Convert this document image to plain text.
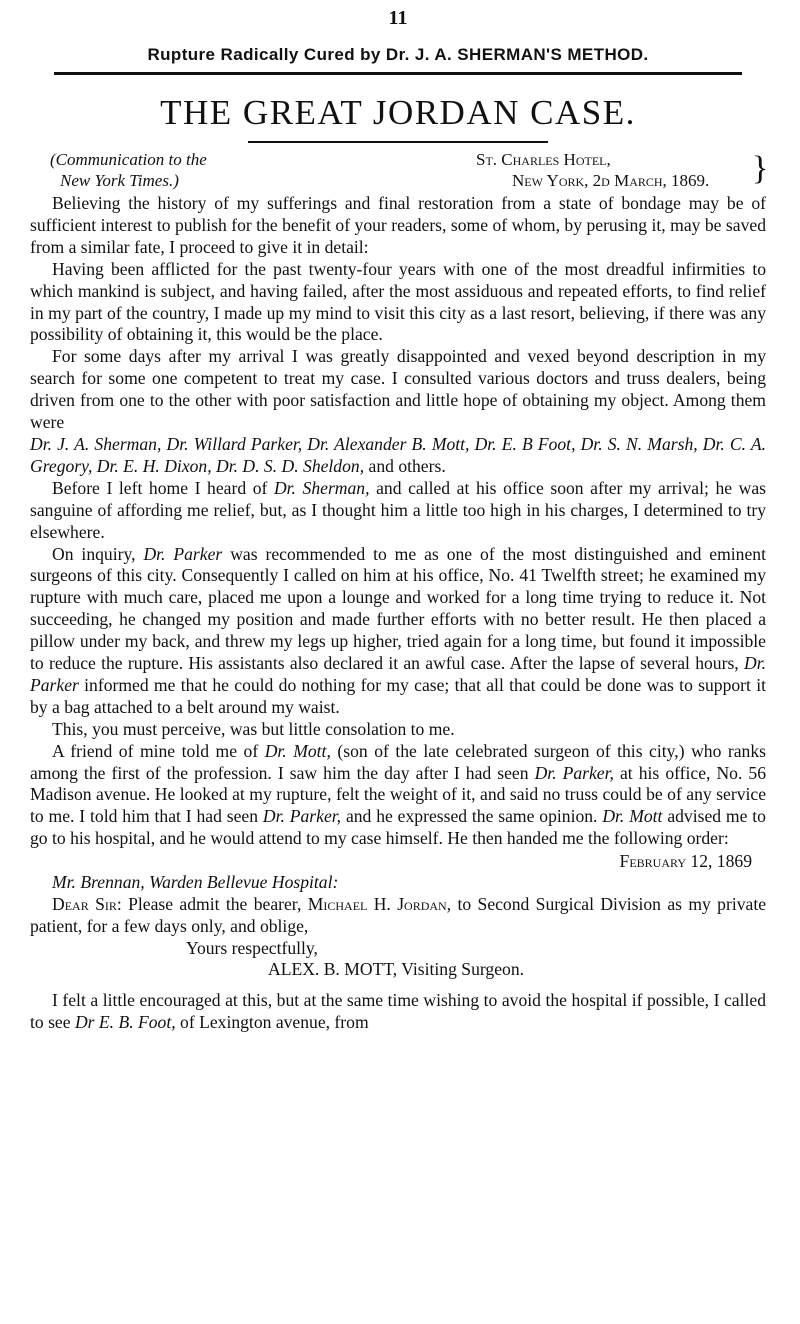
11
Rupture Radically Cured by Dr. J. A. SHERMAN'S METHOD.
THE GREAT JORDAN CASE.
(Communication to the
New York Times.)
St. Charles Hotel,
New York, 2d March, 1869. }

Believing the history of my sufferings and final restoration from a state of bondage may be of sufficient interest to publish for the benefit of your readers, some of whom, by perusing it, may be saved from a similar fate, I proceed to give it in detail:

Having been afflicted for the past twenty-four years with one of the most dreadful infirmities to which mankind is subject, and having failed, after the most assiduous and repeated efforts, to find relief in my part of the country, I made up my mind to visit this city as a last resort, believing, if there was any possibility of obtaining it, this would be the place.

For some days after my arrival I was greatly disappointed and vexed beyond description in my search for some one competent to treat my case. I consulted various doctors and truss dealers, being driven from one to the other with poor satisfaction and little hope of obtaining my object. Among them were

Dr. J. A. Sherman, Dr. Willard Parker, Dr. Alexander B. Mott, Dr. E. B Foot, Dr. S. N. Marsh, Dr. C. A. Gregory, Dr. E. H. Dixon, Dr. D. S. D. Sheldon, and others.

Before I left home I heard of Dr. Sherman, and called at his office soon after my arrival; he was sanguine of affording me relief, but, as I thought him a little too high in his charges, I determined to try elsewhere.

On inquiry, Dr. Parker was recommended to me as one of the most distinguished and eminent surgeons of this city. Consequently I called on him at his office, No. 41 Twelfth street; he examined my rupture with much care, placed me upon a lounge and worked for a long time trying to reduce it. Not succeeding, he changed my position and made further efforts with no better result. He then placed a pillow under my back, and threw my legs up higher, tried again for a long time, but found it impossible to reduce the rupture. His assistants also declared it an awful case. After the lapse of several hours, Dr. Parker informed me that he could do nothing for my case; that all that could be done was to support it by a bag attached to a belt around my waist.

This, you must perceive, was but little consolation to me.

A friend of mine told me of Dr. Mott, (son of the late celebrated surgeon of this city,) who ranks among the first of the profession. I saw him the day after I had seen Dr. Parker, at his office, No. 56 Madison avenue. He looked at my rupture, felt the weight of it, and said no truss could be of any service to me. I told him that I had seen Dr. Parker, and he expressed the same opinion. Dr. Mott advised me to go to his hospital, and he would attend to my case himself. He then handed me the following order:

February 12, 1869

Mr. Brennan, Warden Bellevue Hospital:

Dear Sir: Please admit the bearer, Michael H. Jordan, to Second Surgical Division as my private patient, for a few days only, and oblige,

Yours respectfully,

ALEX. B. MOTT, Visiting Surgeon.

I felt a little encouraged at this, but at the same time wishing to avoid the hospital if possible, I called to see Dr E. B. Foot, of Lexington avenue, from
